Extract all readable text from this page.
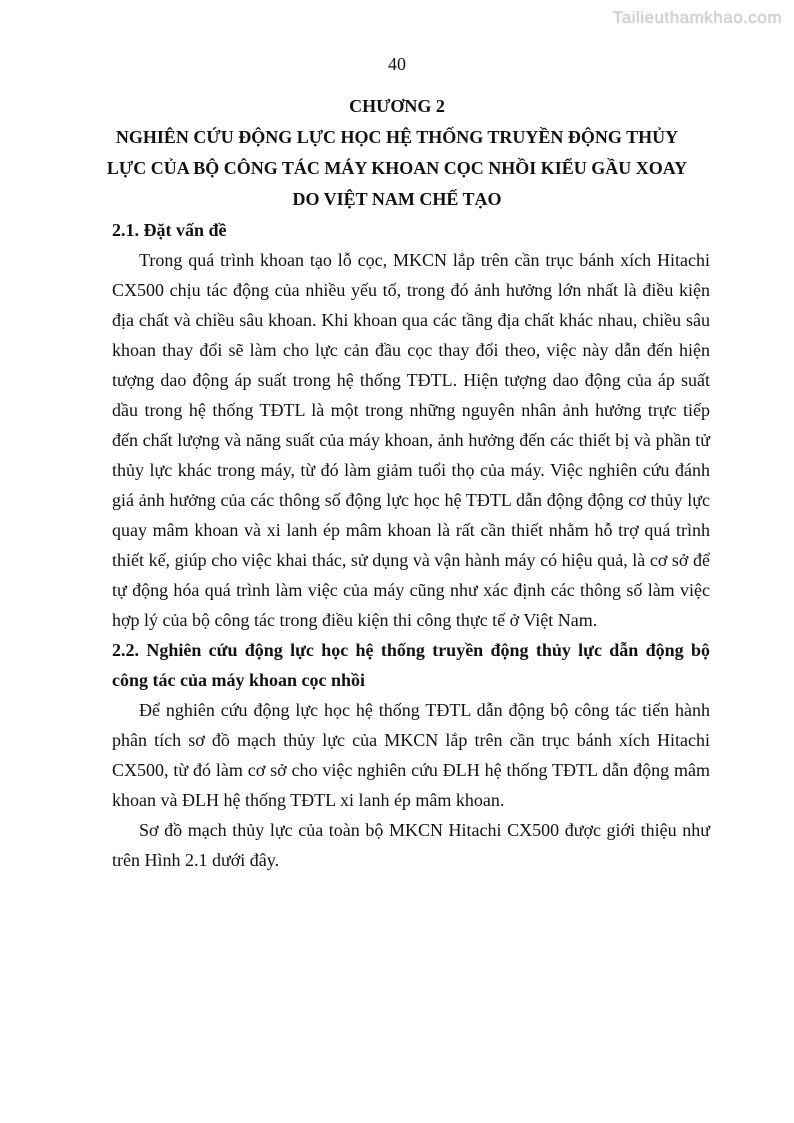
Tailieuthamkhao.com
40
CHƯƠNG 2
NGHIÊN CỨU ĐỘNG LỰC HỌC HỆ THỐNG TRUYỀN ĐỘNG THỦY
LỰC CỦA BỘ CÔNG TÁC MÁY KHOAN CỌC NHỒI KIỂU GẦU XOAY
DO VIỆT NAM CHẾ TẠO
2.1. Đặt vấn đề

Trong quá trình khoan tạo lỗ cọc, MKCN lắp trên cần trục bánh xích Hitachi CX500 chịu tác động của nhiều yếu tố, trong đó ảnh hưởng lớn nhất là điều kiện địa chất và chiều sâu khoan. Khi khoan qua các tầng địa chất khác nhau, chiều sâu khoan thay đổi sẽ làm cho lực cản đầu cọc thay đổi theo, việc này dẫn đến hiện tượng dao động áp suất trong hệ thống TĐTL. Hiện tượng dao động của áp suất dầu trong hệ thống TĐTL là một trong những nguyên nhân ảnh hưởng trực tiếp đến chất lượng và năng suất của máy khoan, ảnh hưởng đến các thiết bị và phần tử thủy lực khác trong máy, từ đó làm giảm tuổi thọ của máy. Việc nghiên cứu đánh giá ảnh hưởng của các thông số động lực học hệ TĐTL dẫn động động cơ thủy lực quay mâm khoan và xi lanh ép mâm khoan là rất cần thiết nhằm hỗ trợ quá trình thiết kế, giúp cho việc khai thác, sử dụng và vận hành máy có hiệu quả, là cơ sở để tự động hóa quá trình làm việc của máy cũng như xác định các thông số làm việc hợp lý của bộ công tác trong điều kiện thi công thực tế ở Việt Nam.

2.2. Nghiên cứu động lực học hệ thống truyền động thủy lực dẫn động bộ công tác của máy khoan cọc nhồi

Để nghiên cứu động lực học hệ thống TĐTL dẫn động bộ công tác tiến hành phân tích sơ đồ mạch thủy lực của MKCN lắp trên cần trục bánh xích Hitachi CX500, từ đó làm cơ sở cho việc nghiên cứu ĐLH hệ thống TĐTL dẫn động mâm khoan và ĐLH hệ thống TĐTL xi lanh ép mâm khoan.

Sơ đồ mạch thủy lực của toàn bộ MKCN Hitachi CX500 được giới thiệu như trên Hình 2.1 dưới đây.
